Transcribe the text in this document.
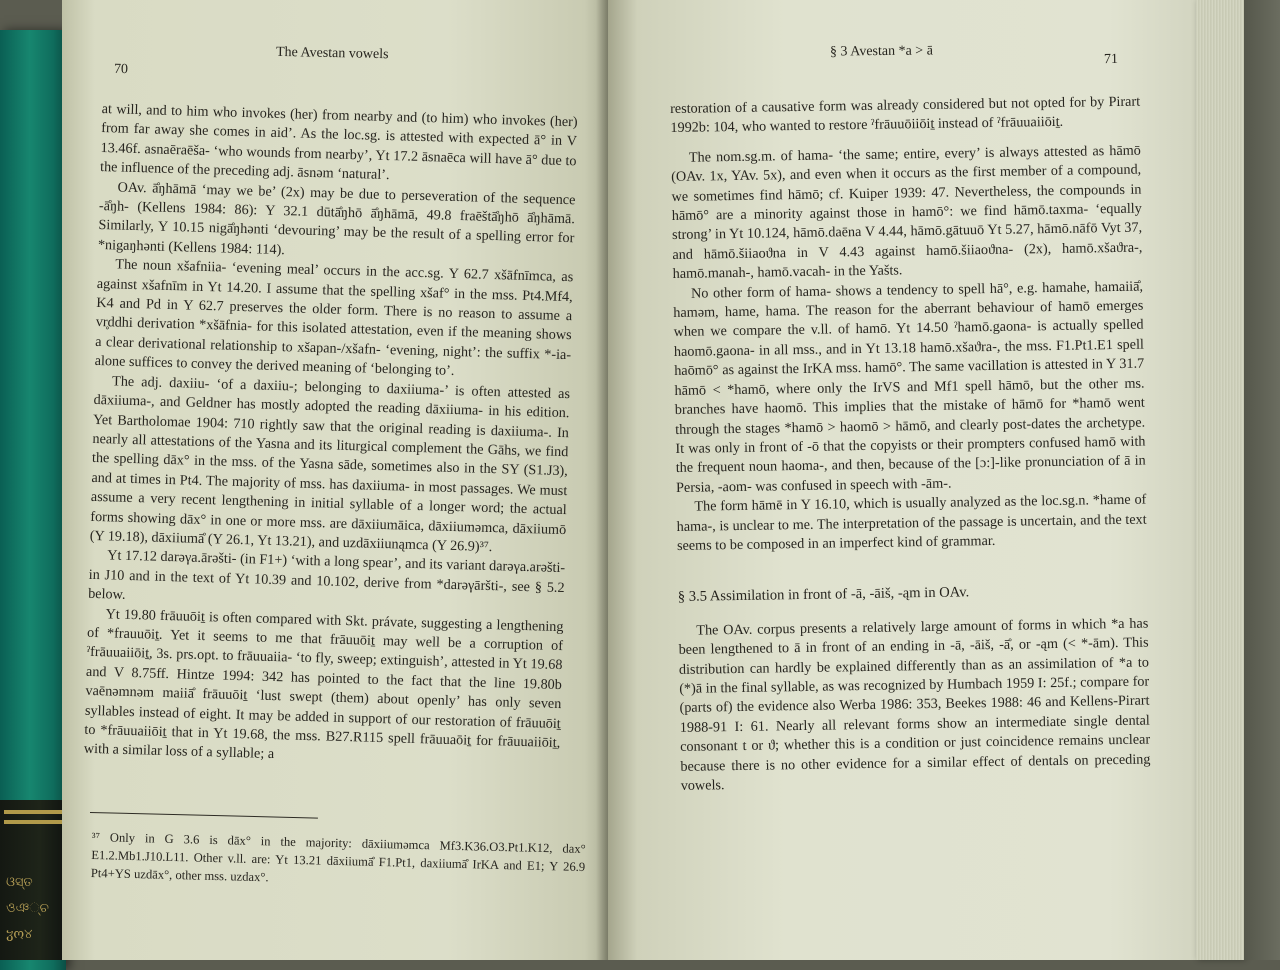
ଓସ୍ତ
ওঞ୍ଚ
ჳო୪
70
The Avestan vowels

at will, and to him who invokes (her) from nearby and (to him) who invokes (her) from far away she comes in aid’. As the loc.sg. is attested with expected ā° in V 13.46f. asnaēraēša- ‘who wounds from nearby’, Yt 17.2 āsnaēca will have ā° due to the influence of the preceding adj. āsnəm ‘natural’.

OAv. ā̊ŋhāmā ‘may we be’ (2x) may be due to perseveration of the sequence -ā̊ŋh- (Kellens 1984: 86): Y 32.1 dūtā̊ŋhō ā̊ŋhāmā, 49.8 fraēštā̊ŋhō ā̊ŋhāmā. Similarly, Y 10.15 nigā̊ŋhənti ‘devouring’ may be the result of a spelling error for *nigaŋhənti (Kellens 1984: 114).

The noun xšafniia- ‘evening meal’ occurs in the acc.sg. Y 62.7 xšāfnīmca, as against xšafnīm in Yt 14.20. I assume that the spelling xšaf° in the mss. Pt4.Mf4, K4 and Pd in Y 62.7 preserves the older form. There is no reason to assume a vr̥ddhi derivation *xšāfnia- for this isolated attestation, even if the meaning shows a clear derivational relationship to xšapan-/xšafn- ‘evening, night’: the suffix *-ia- alone suffices to convey the derived meaning of ‘belonging to’.

The adj. daxiiu- ‘of a daxiiu-; belonging to daxiiuma-’ is often attested as dāxiiuma-, and Geldner has mostly adopted the reading dāxiiuma- in his edition. Yet Bartholomae 1904: 710 rightly saw that the original reading is daxiiuma-. In nearly all attestations of the Yasna and its liturgical complement the Gāhs, we find the spelling dāx° in the mss. of the Yasna sāde, sometimes also in the SY (S1.J3), and at times in Pt4. The majority of mss. has daxiiuma- in most passages. We must assume a very recent lengthening in initial syllable of a longer word; the actual forms showing dāx° in one or more mss. are dāxiiumāica, dāxiiuməmca, dāxiiumō (Y 19.18), dāxiiumā̊ (Y 26.1, Yt 13.21), and uzdāxiiunąmca (Y 26.9)³⁷.

Yt 17.12 darəγa.ārəšti- (in F1+) ‘with a long spear’, and its variant darəγa.arəšti- in J10 and in the text of Yt 10.39 and 10.102, derive from *darəγāršti-, see § 5.2 below.

Yt 19.80 frāuuōiṯ is often compared with Skt. právate, suggesting a lengthening of *frauuōiṯ. Yet it seems to me that frāuuōiṯ may well be a corruption of ˀfrāuuaiiōiṯ, 3s. prs.opt. to frāuuaiia- ‘to fly, sweep; extinguish’, attested in Yt 19.68 and V 8.75ff. Hintze 1994: 342 has pointed to the fact that the line 19.80b vaēnəmnəm maiiā̊ frāuuōiṯ ‘lust swept (them) about openly’ has only seven syllables instead of eight. It may be added in support of our restoration of frāuuōiṯ to *frāuuaiiōiṯ that in Yt 19.68, the mss. B27.R115 spell frāuuaōiṯ for frāuuaiiōiṯ, with a similar loss of a syllable; a

³⁷ Only in G 3.6 is dāx° in the majority: dāxiiuməmca Mf3.K36.O3.Pt1.K12, dax° E1.2.Mb1.J10.L11. Other v.ll. are: Yt 13.21 dāxiiumā̊ F1.Pt1, daxiiumā̊ IrKA and E1; Y 26.9 Pt4+YS uzdāx°, other mss. uzdax°.

§ 3 Avestan *a > ā	71

restoration of a causative form was already considered but not opted for by Pirart 1992b: 104, who wanted to restore ˀfrāuuōiiōiṯ instead of ˀfrāuuaiiōiṯ.

The nom.sg.m. of hama- ‘the same; entire, every’ is always attested as hāmō (OAv. 1x, YAv. 5x), and even when it occurs as the first member of a compound, we sometimes find hāmō; cf. Kuiper 1939: 47. Nevertheless, the compounds in hāmō° are a minority against those in hamō°: we find hāmō.taxma- ‘equally strong’ in Yt 10.124, hāmō.daēna V 4.44, hāmō.gātuuō Yt 5.27, hāmō.nāfō Vyt 37, and hāmō.šiiaoϑna in V 4.43 against hamō.šiiaoϑna- (2x), hamō.xšaϑra-, hamō.manah-, hamō.vacah- in the Yašts.

No other form of hama- shows a tendency to spell hā°, e.g. hamahe, hamaiiā̊, haməm, hame, hama. The reason for the aberrant behaviour of hamō emerges when we compare the v.ll. of hamō. Yt 14.50 ˀhamō.gaona- is actually spelled haomō.gaona- in all mss., and in Yt 13.18 hamō.xšaϑra-, the mss. F1.Pt1.E1 spell haōmō° as against the IrKA mss. hamō°. The same vacillation is attested in Y 31.7 hāmō < *hamō, where only the IrVS and Mf1 spell hāmō, but the other ms. branches have haomō. This implies that the mistake of hāmō for *hamō went through the stages *hamō > haomō > hāmō, and clearly post-dates the archetype. It was only in front of -ō that the copyists or their prompters confused hamō with the frequent noun haoma-, and then, because of the [ɔ:]-like pronunciation of ā in Persia, -aom- was confused in speech with -ām-.

The form hāmē in Y 16.10, which is usually analyzed as the loc.sg.n. *hame of hama-, is unclear to me. The interpretation of the passage is uncertain, and the text seems to be composed in an imperfect kind of grammar.

§ 3.5 Assimilation in front of -ā, -āiš, -ąm in OAv.

The OAv. corpus presents a relatively large amount of forms in which *a has been lengthened to ā in front of an ending in -ā, -āiš, -ā̊, or -ąm (< *-ām). This distribution can hardly be explained differently than as an assimilation of *a to (*)ā in the final syllable, as was recognized by Humbach 1959 I: 25f.; compare for (parts of) the evidence also Werba 1986: 353, Beekes 1988: 46 and Kellens-Pirart 1988-91 I: 61. Nearly all relevant forms show an intermediate single dental consonant t or ϑ; whether this is a condition or just coincidence remains unclear because there is no other evidence for a similar effect of dentals on preceding vowels.
